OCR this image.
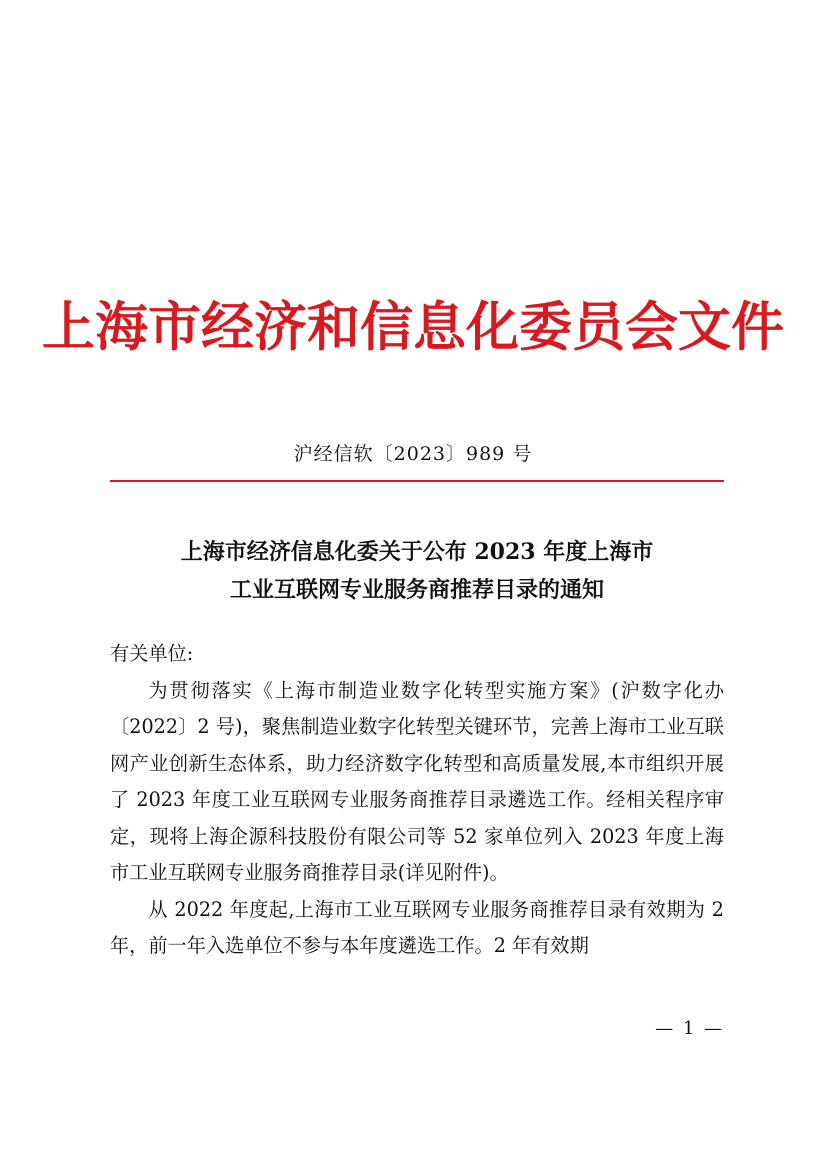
上海市经济和信息化委员会文件
沪经信软〔2023〕989 号
上海市经济信息化委关于公布 2023 年度上海市
工业互联网专业服务商推荐目录的通知

有关单位:

为贯彻落实《上海市制造业数字化转型实施方案》(沪数字化办〔2022〕2 号)，聚焦制造业数字化转型关键环节，完善上海市工业互联网产业创新生态体系，助力经济数字化转型和高质量发展,本市组织开展了 2023 年度工业互联网专业服务商推荐目录遴选工作。经相关程序审定，现将上海企源科技股份有限公司等 52 家单位列入 2023 年度上海市工业互联网专业服务商推荐目录(详见附件)。

从 2022 年度起,上海市工业互联网专业服务商推荐目录有效期为 2 年，前一年入选单位不参与本年度遴选工作。2 年有效期

— 1 —
